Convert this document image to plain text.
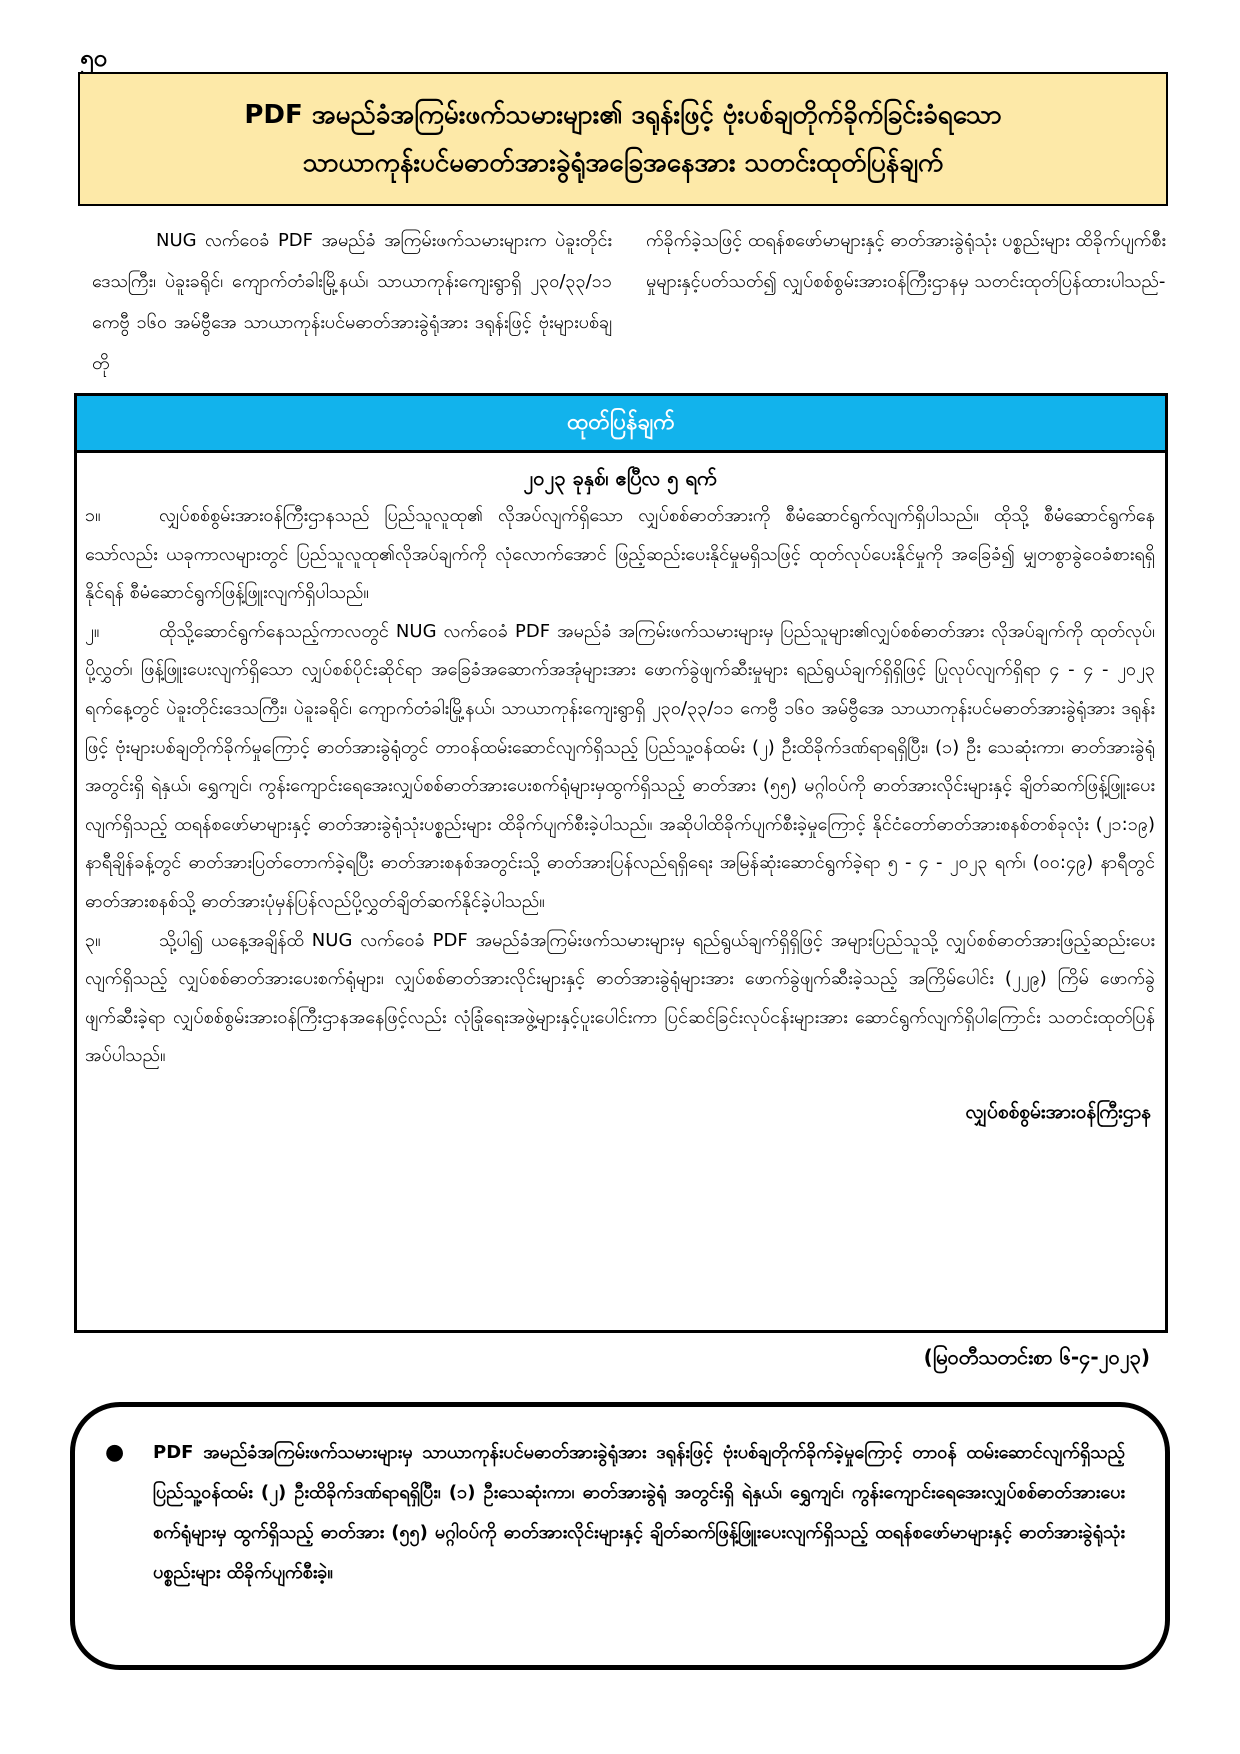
၅၀
PDF အမည်ခံအကြမ်းဖက်သမားများ၏ ဒရုန်းဖြင့် ဗုံးပစ်ချတိုက်ခိုက်ခြင်းခံရသော
သာယာကုန်းပင်မဓာတ်အားခွဲရုံအခြေအနေအား သတင်းထုတ်ပြန်ချက်
NUG လက်ဝေခံ PDF အမည်ခံ အကြမ်းဖက်သမားများက ပဲခူးတိုင်းဒေသကြီး၊ ပဲခူးခရိုင်၊ ကျောက်တံခါးမြို့နယ်၊ သာယာကုန်းကျေးရွာရှိ ၂၃၀/၃၃/၁၁ ကေဗွီ ၁၆၀ အမ်ဗွီအေ သာယာကုန်းပင်မဓာတ်အားခွဲရုံအား ဒရုန်းဖြင့် ဗုံးများပစ်ချတို
က်ခိုက်ခဲ့သဖြင့် ထရန်စဖော်မာများနှင့် ဓာတ်အားခွဲရုံသုံး ပစ္စည်းများ ထိခိုက်ပျက်စီးမှုများနှင့်ပတ်သတ်၍ လျှပ်စစ်စွမ်းအားဝန်ကြီးဌာနမှ သတင်းထုတ်ပြန်ထားပါသည်-
ထုတ်ပြန်ချက်
၂၀၂၃ ခုနှစ်၊ ဧပြီလ ၅ ရက်

၁။	လျှပ်စစ်စွမ်းအားဝန်ကြီးဌာနသည် ပြည်သူလူထု၏ လိုအပ်လျက်ရှိသော လျှပ်စစ်ဓာတ်အားကို စီမံဆောင်ရွက်လျက်ရှိပါသည်။ ထိုသို့ စီမံဆောင်ရွက်နေသော်လည်း ယခုကာလများတွင် ပြည်သူလူထု၏လိုအပ်ချက်ကို လုံလောက်အောင် ဖြည့်ဆည်းပေးနိုင်မှုမရှိသဖြင့် ထုတ်လုပ်ပေးနိုင်မှုကို အခြေခံ၍ မျှတစွာခွဲဝေခံစားရရှိနိုင်ရန် စီမံဆောင်ရွက်ဖြန့်ဖြူးလျက်ရှိပါသည်။

၂။	ထိုသို့ဆောင်ရွက်နေသည့်ကာလတွင် NUG လက်ဝေခံ PDF အမည်ခံ အကြမ်းဖက်သမားများမှ ပြည်သူများ၏လျှပ်စစ်ဓာတ်အား လိုအပ်ချက်ကို ထုတ်လုပ်၊ ပို့လွှတ်၊ ဖြန့်ဖြူးပေးလျက်ရှိသော လျှပ်စစ်ပိုင်းဆိုင်ရာ အခြေခံအဆောက်အအုံများအား ဖောက်ခွဲဖျက်ဆီးမှုများ ရည်ရွယ်ချက်ရှိရှိဖြင့် ပြုလုပ်လျက်ရှိရာ ၄ - ၄ - ၂၀၂၃ ရက်နေ့တွင် ပဲခူးတိုင်းဒေသကြီး၊ ပဲခူးခရိုင်၊ ကျောက်တံခါးမြို့နယ်၊ သာယာကုန်းကျေးရွာရှိ ၂၃၀/၃၃/၁၁ ကေဗွီ ၁၆၀ အမ်ဗွီအေ သာယာကုန်းပင်မဓာတ်အားခွဲရုံအား ဒရုန်းဖြင့် ဗုံးများပစ်ချတိုက်ခိုက်မှုကြောင့် ဓာတ်အားခွဲရုံတွင် တာဝန်ထမ်းဆောင်လျက်ရှိသည့် ပြည်သူ့ဝန်ထမ်း (၂) ဦးထိခိုက်ဒဏ်ရာရရှိပြီး၊ (၁) ဦး သေဆုံးကာ၊ ဓာတ်အားခွဲရုံအတွင်းရှိ ရဲနှယ်၊ ရွှေကျင်၊ ကွန်းကျောင်းရေအေးလျှပ်စစ်ဓာတ်အားပေးစက်ရုံများမှထွက်ရှိသည့် ဓာတ်အား (၅၅) မဂ္ဂါဝပ်ကို ဓာတ်အားလိုင်းများနှင့် ချိတ်ဆက်ဖြန့်ဖြူးပေးလျက်ရှိသည့် ထရန်စဖော်မာများနှင့် ဓာတ်အားခွဲရုံသုံးပစ္စည်းများ ထိခိုက်ပျက်စီးခဲ့ပါသည်။ အဆိုပါထိခိုက်ပျက်စီးခဲ့မှုကြောင့် နိုင်ငံတော်ဓာတ်အားစနစ်တစ်ခုလုံး (၂၁:၁၉) နာရီချိန်ခန့်တွင် ဓာတ်အားပြတ်တောက်ခဲ့ရပြီး ဓာတ်အားစနစ်အတွင်းသို့ ဓာတ်အားပြန်လည်ရရှိရေး အမြန်ဆုံးဆောင်ရွက်ခဲ့ရာ ၅ - ၄ - ၂၀၂၃ ရက်၊ (၀၀:၄၉) နာရီတွင် ဓာတ်အားစနစ်သို့ ဓာတ်အားပုံမှန်ပြန်လည်ပို့လွှတ်ချိတ်ဆက်နိုင်ခဲ့ပါသည်။

၃။	သို့ပါ၍ ယနေ့အချိန်ထိ NUG လက်ဝေခံ PDF အမည်ခံအကြမ်းဖက်သမားများမှ ရည်ရွယ်ချက်ရှိရှိဖြင့် အများပြည်သူသို့ လျှပ်စစ်ဓာတ်အားဖြည့်ဆည်းပေးလျက်ရှိသည့် လျှပ်စစ်ဓာတ်အားပေးစက်ရုံများ၊ လျှပ်စစ်ဓာတ်အားလိုင်းများနှင့် ဓာတ်အားခွဲရုံများအား ဖောက်ခွဲဖျက်ဆီးခဲ့သည့် အကြိမ်ပေါင်း (၂၂၉) ကြိမ် ဖောက်ခွဲဖျက်ဆီးခဲ့ရာ လျှပ်စစ်စွမ်းအားဝန်ကြီးဌာနအနေဖြင့်လည်း လုံခြုံရေးအဖွဲ့များနှင့်ပူးပေါင်းကာ ပြင်ဆင်ခြင်းလုပ်ငန်းများအား ဆောင်ရွက်လျက်ရှိပါကြောင်း သတင်းထုတ်ပြန်အပ်ပါသည်။

လျှပ်စစ်စွမ်းအားဝန်ကြီးဌာန
(မြဝတီသတင်းစာ ၆-၄-၂၀၂၃)
●	PDF အမည်ခံအကြမ်းဖက်သမားများမှ သာယာကုန်းပင်မဓာတ်အားခွဲရုံအား ဒရုန်းဖြင့် ဗုံးပစ်ချတိုက်ခိုက်ခဲ့မှုကြောင့် တာဝန် ထမ်းဆောင်လျက်ရှိသည့် ပြည်သူ့ဝန်ထမ်း (၂) ဦးထိခိုက်ဒဏ်ရာရရှိပြီး၊ (၁) ဦးသေဆုံးကာ၊ ဓာတ်အားခွဲရုံ အတွင်းရှိ ရဲနှယ်၊ ရွှေကျင်၊ ကွန်းကျောင်းရေအေးလျှပ်စစ်ဓာတ်အားပေးစက်ရုံများမှ ထွက်ရှိသည့် ဓာတ်အား (၅၅) မဂ္ဂါဝပ်ကို ဓာတ်အားလိုင်းများနှင့် ချိတ်ဆက်ဖြန့်ဖြူးပေးလျက်ရှိသည့် ထရန်စဖော်မာများနှင့် ဓာတ်အားခွဲရုံသုံး ပစ္စည်းများ ထိခိုက်ပျက်စီးခဲ့။
